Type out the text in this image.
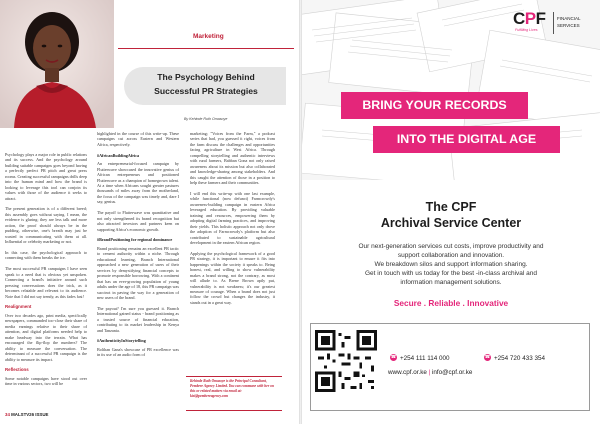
Marketing
The Psychology Behind
Successful PR Strategies
By Kehinde Ruth Omasoye

Psychology plays a major role in public relations and its success. And the psychology around building suitable campaigns goes beyond having a perfectly perfect PR pitch and great press rooms. Creating successful campaigns drills deep into the human mind and how the brand is looking to leverage this tool can conjoin its values with those of the audience it seeks to attract.

The present generation is of a different breed; this assembly goes without saying. I mean, the evidence is glaring; they are less talk and more action, the proof should always be in the pudding, otherwise, one's breath may just be wasted in communicating with them at all. Influential or celebrity marketing or not.

In this case, the psychological approach to connecting with them breaks the ice.

The most successful PR campaigns I have seen speak to a need that is obvious yet unspoken. Connecting a brand's initiative around such pressing conversations does the trick, as it becomes relatable and relevant to its audience. Note that I did not say trendy, as this fades fast!

Realignment

Over two decades ago, print media, specifically newspapers, commanded too-close their share of media earnings relative to their share of attention, and digital platforms needed help to make headway into the terrain. What has encouraged the flip-flop the numbers? The ability to measure the conversation. The determinant of a successful PR campaign is the ability to measure its impact.

Reflections

Some notable campaigns have stood out over time in various sectors, two will be

highlighted in the course of this write-up. These campaigns cut across Eastern and Western Africa, respectively.

#AfricanBuildingAfrica

An entrepreneurial-focused campaign by Flutterwave showcased the innovative genius of African entrepreneurs and positioned Flutterwave as a champion of homegrown talent. At a time when Africans sought greater pastures thousands of miles away from the motherland, the focus of the campaign was timely and, dare I say, genius.

The payoff to Flutterwave was quantitative and not only strengthened its brand recognition but also attracted investors and partners keen on supporting Africa's economic growth.

#BrandPositioning for regional dominance

Brand positioning remains an excellent PR tactic to cement authority within a niche. Through educational learning, Branch International approached a new generation of users of their services by demystifying financial concepts to promote responsible borrowing. With a continent that has an ever-growing population of young adults under the age of 18, this PR campaign was succinct in paving the way for a generation of new users of the brand.

The payout? I'm sure you guessed it. Branch International gained status - brand positioning as a trusted source of financial education, contributing to its market leadership in Kenya and Tanzania.

#AuthenticityInStorytelling

Bolthan Gana's showcase of PR excellence was in its use of an audio form of

marketing; "Voices from the Farm," a podcast series that had, you guessed it right, voices from the farm discuss the challenges and opportunities facing agriculture in West Africa. Through compelling storytelling and authentic interviews with rural farmers, Babban Gona not only raised awareness about its mission but also collaborated and knowledge-sharing among stakeholders. And this caught the attention of those in a position to help these farmers and their communities.

I will end this write-up with one last example, while functional (now defunct) Farmcrowdy's awareness-building campaign in eastern Africa leveraged education. By providing valuable training and resources, empowering them by adopting digital farming practices, and improving their yields. This holistic approach not only drove the adoption of Farmcrowdy's platform but also contributed to sustainable agricultural development in the eastern African region.

Applying the psychological framework of a good PR strategy, it is important to ensure it fits into happenings within the society it speaks to. Being honest, real, and willing to show vulnerability makes a brand strong, not the contrary, as most will allude to. As Brene Brown aptly put, vulnerability is not weakness; it's our greatest measure of courage. When a brand does not just follow the crowd but changes the industry, it stands out in a great way.

Kehinde Ruth Omasoye is the Principal Consultant, Pembere Agency Limited. You can commune with her on this or related matters via email at: kisi@pembereagency.com
34 MALSTV26 ISSUE
CPF
Fulfilling Lives
FINANCIAL
SERVICES
BRING YOUR RECORDS
INTO THE DIGITAL AGE
The CPF
Archival Service Center
Our next-generation services cut costs, improve productivity and
support collaboration and innovation.
We breakdown silos and support information sharing.
Get in touch with us today for the best -in-class archival and
information management solutions.
Secure . Reliable . Innovative
☎ +254 111 114 000	☎ +254 720 433 354
www.cpf.or.ke | info@cpf.or.ke
